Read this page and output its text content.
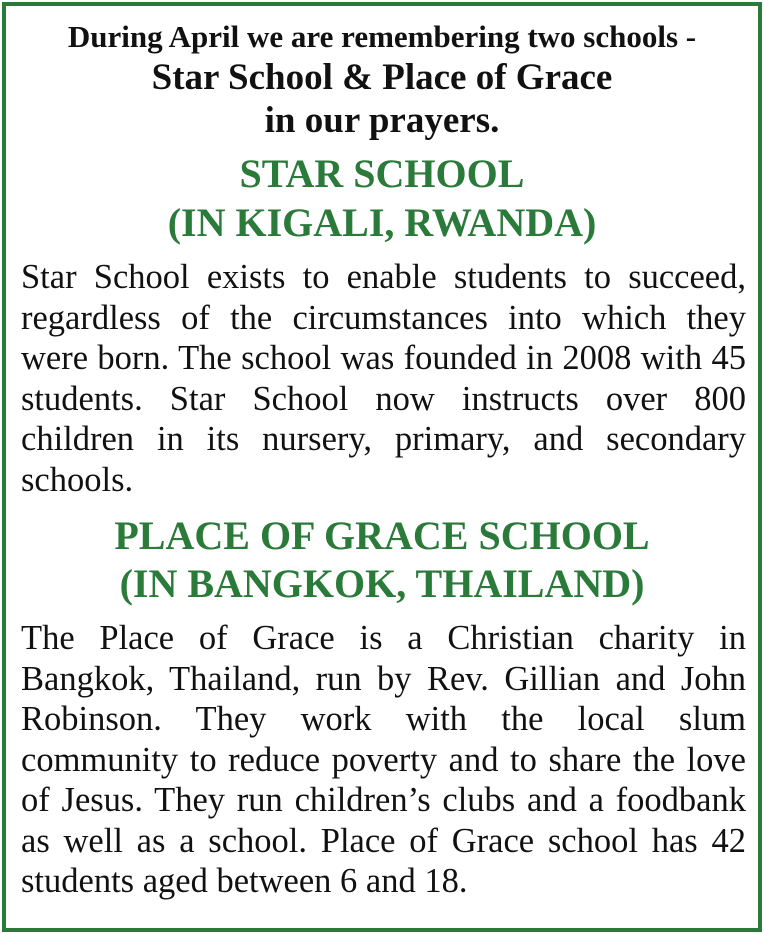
During April we are remembering two schools -
Star School & Place of Grace
in our prayers.
STAR SCHOOL
(IN KIGALI, RWANDA)

Star School exists to enable students to succeed, regardless of the circumstances into which they were born. The school was founded in 2008 with 45 students. Star School now instructs over 800 children in its nursery, primary, and secondary schools.

PLACE OF GRACE SCHOOL
(IN BANGKOK, THAILAND)

The Place of Grace is a Christian charity in Bangkok, Thailand, run by Rev. Gillian and John Robinson. They work with the local slum community to reduce poverty and to share the love of Jesus. They run children’s clubs and a foodbank as well as a school. Place of Grace school has 42 students aged between 6 and 18.
